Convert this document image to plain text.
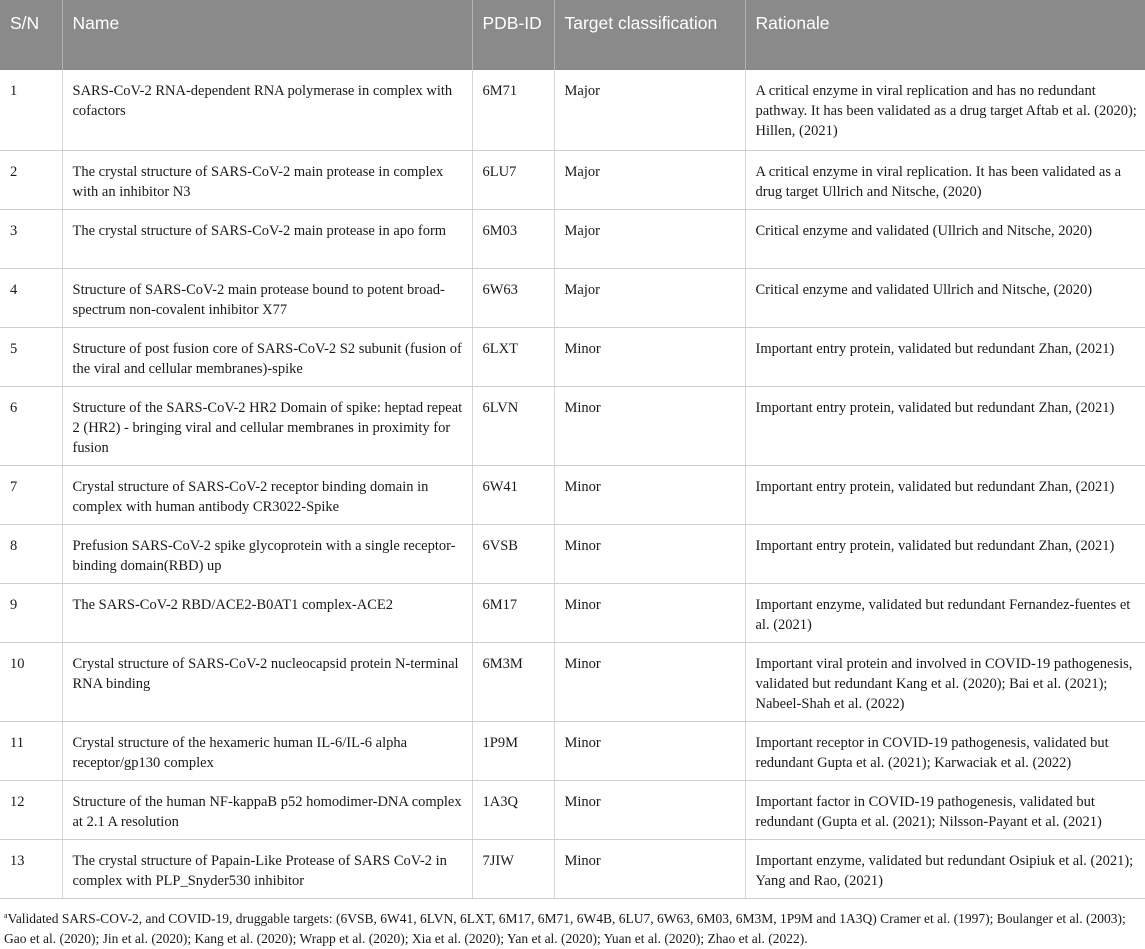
S/N	Name	PDB-ID	Target classification	Rationale
1	SARS-CoV-2 RNA-dependent RNA polymerase in complex with cofactors	6M71	Major	A critical enzyme in viral replication and has no redundant pathway. It has been validated as a drug target Aftab et al. (2020); Hillen, (2021)
2	The crystal structure of SARS-CoV-2 main protease in complex with an inhibitor N3	6LU7	Major	A critical enzyme in viral replication. It has been validated as a drug target Ullrich and Nitsche, (2020)
3	The crystal structure of SARS-CoV-2 main protease in apo form	6M03	Major	Critical enzyme and validated (Ullrich and Nitsche, 2020)
4	Structure of SARS-CoV-2 main protease bound to potent broad-spectrum non-covalent inhibitor X77	6W63	Major	Critical enzyme and validated Ullrich and Nitsche, (2020)
5	Structure of post fusion core of SARS-CoV-2 S2 subunit (fusion of the viral and cellular membranes)-spike	6LXT	Minor	Important entry protein, validated but redundant Zhan, (2021)
6	Structure of the SARS-CoV-2 HR2 Domain of spike: heptad repeat 2 (HR2) - bringing viral and cellular membranes in proximity for fusion	6LVN	Minor	Important entry protein, validated but redundant Zhan, (2021)
7	Crystal structure of SARS-CoV-2 receptor binding domain in complex with human antibody CR3022-Spike	6W41	Minor	Important entry protein, validated but redundant Zhan, (2021)
8	Prefusion SARS-CoV-2 spike glycoprotein with a single receptor-binding domain(RBD) up	6VSB	Minor	Important entry protein, validated but redundant Zhan, (2021)
9	The SARS-CoV-2 RBD/ACE2-B0AT1 complex-ACE2	6M17	Minor	Important enzyme, validated but redundant Fernandez-fuentes et al. (2021)
10	Crystal structure of SARS-CoV-2 nucleocapsid protein N-terminal RNA binding	6M3M	Minor	Important viral protein and involved in COVID-19 pathogenesis, validated but redundant Kang et al. (2020); Bai et al. (2021); Nabeel-Shah et al. (2022)
11	Crystal structure of the hexameric human IL-6/IL-6 alpha receptor/gp130 complex	1P9M	Minor	Important receptor in COVID-19 pathogenesis, validated but redundant Gupta et al. (2021); Karwaciak et al. (2022)
12	Structure of the human NF-kappaB p52 homodimer-DNA complex at 2.1 A resolution	1A3Q	Minor	Important factor in COVID-19 pathogenesis, validated but redundant (Gupta et al. (2021); Nilsson-Payant et al. (2021)
13	The crystal structure of Papain-Like Protease of SARS CoV-2 in complex with PLP_Snyder530 inhibitor	7JIW	Minor	Important enzyme, validated but redundant Osipiuk et al. (2021); Yang and Rao, (2021)
$^a$Validated SARS-COV-2, and COVID-19, druggable targets: (6VSB, 6W41, 6LVN, 6LXT, 6M17, 6M71, 6W4B, 6LU7, 6W63, 6M03, 6M3M, 1P9M and 1A3Q) Cramer et al. (1997); Boulanger et al. (2003); Gao et al. (2020); Jin et al. (2020); Kang et al. (2020); Wrapp et al. (2020); Xia et al. (2020); Yan et al. (2020); Yuan et al. (2020); Zhao et al. (2022).
